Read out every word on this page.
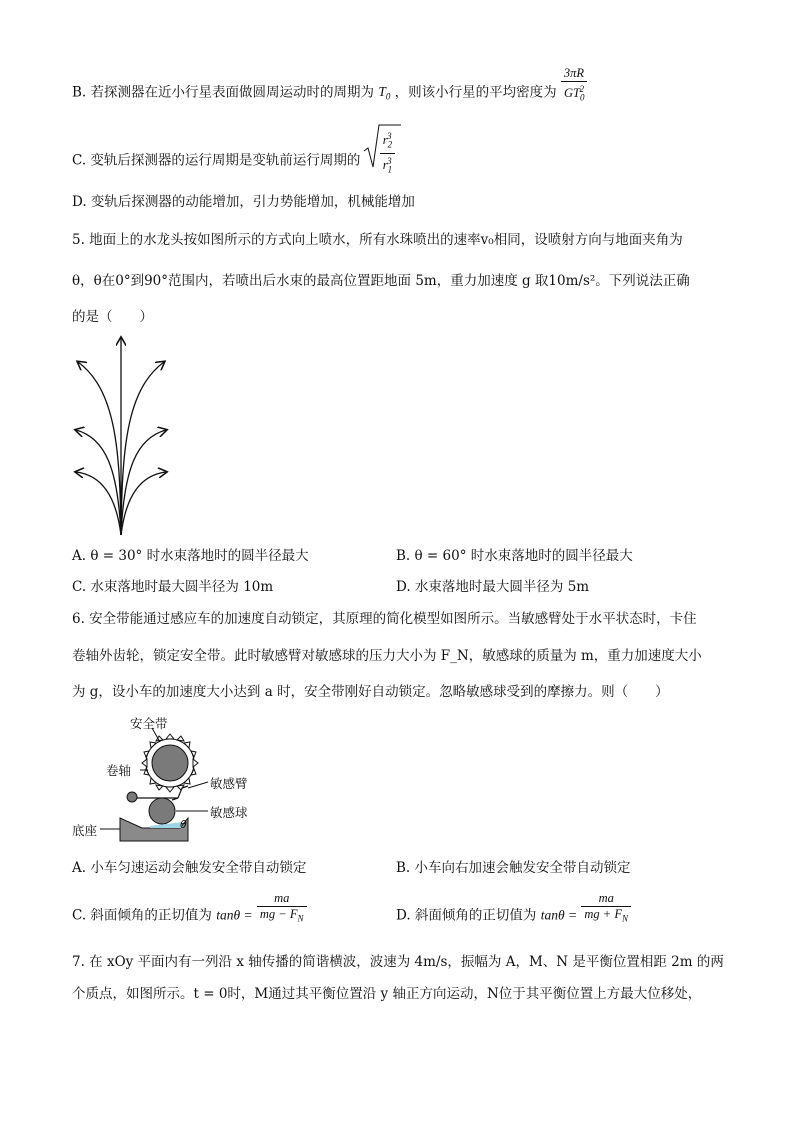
B. 若探测器在近小行星表面做圆周运动时的周期为 $T_0$ ，则该小行星的平均密度为 $\frac{3\pi R}{GT_0^2}$
C. 变轨后探测器的运行周期是变轨前运行周期的 $\frac{r_2^3}{r_1^3}$
D. 变轨后探测器的动能增加，引力势能增加，机械能增加
5. 地面上的水龙头按如图所示的方式向上喷水，所有水珠喷出的速率v₀相同，设喷射方向与地面夹角为
θ，θ在0°到90°范围内，若喷出后水束的最高位置距地面 5m，重力加速度 g 取10m/s²。下列说法正确
的是（　　）
A. θ = 30° 时水束落地时的圆半径最大	B. θ = 60° 时水束落地时的圆半径最大
C. 水束落地时最大圆半径为 10m	D. 水束落地时最大圆半径为 5m
6. 安全带能通过感应车的加速度自动锁定，其原理的简化模型如图所示。当敏感臂处于水平状态时，卡住
卷轴外齿轮，锁定安全带。此时敏感臂对敏感球的压力大小为 F_N，敏感球的质量为 m，重力加速度大小
为 g，设小车的加速度大小达到 a 时，安全带刚好自动锁定。忽略敏感球受到的摩擦力。则（　　）
安全带
卷轴
敏感臂
敏感球
底座	θ
A. 小车匀速运动会触发安全带自动锁定	B. 小车向右加速会触发安全带自动锁定
C. 斜面倾角的正切值为 $\tan\theta = \frac{ma}{mg - F_N}$	D. 斜面倾角的正切值为 $\tan\theta = \frac{ma}{mg + F_N}$
7. 在 xOy 平面内有一列沿 x 轴传播的简谐横波，波速为 4m/s，振幅为 A，M、N 是平衡位置相距 2m 的两
个质点，如图所示。t = 0时，M通过其平衡位置沿 y 轴正方向运动，N位于其平衡位置上方最大位移处，
